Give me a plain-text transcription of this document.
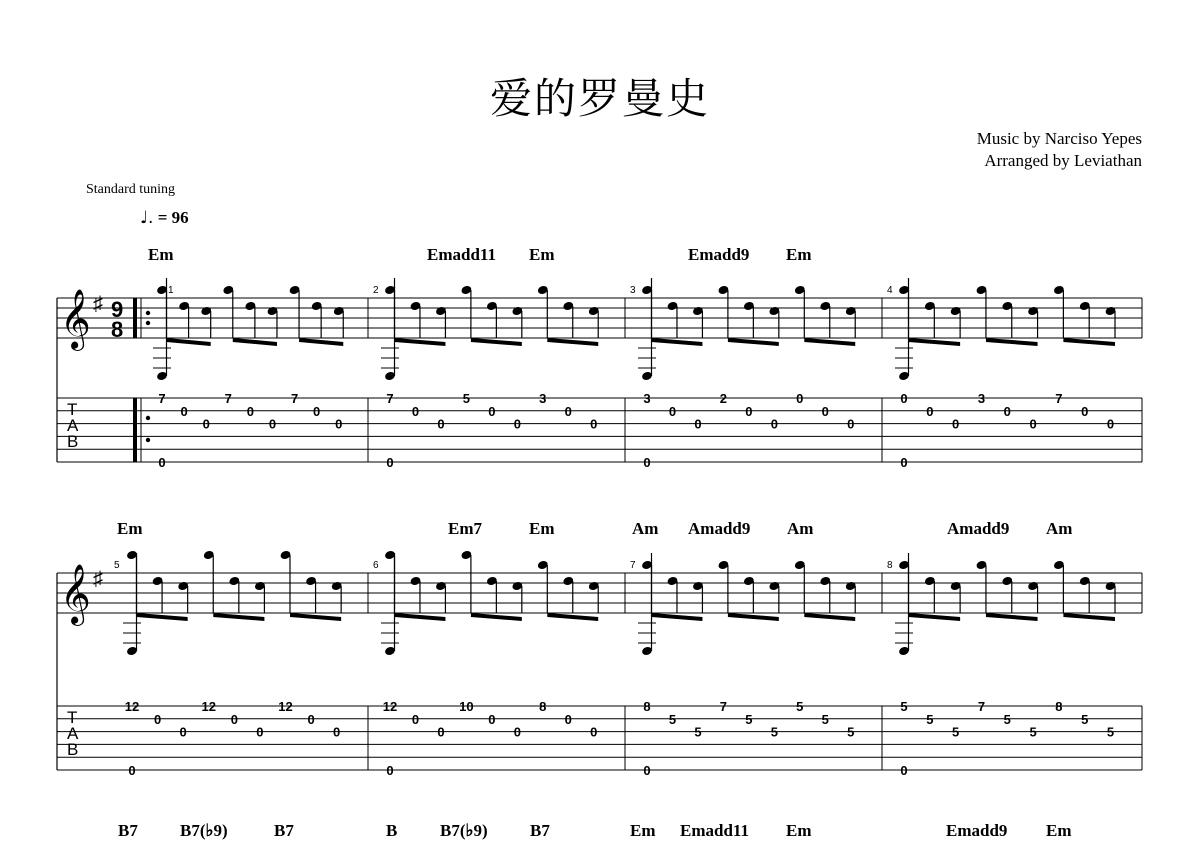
爱的罗曼史
Music by Narciso Yepes
Arranged by Leviathan
Standard tuning
♩. = 96
Em	Emadd11 Em	Emadd9 Em
Em	Em7	Em	Am Amadd9 Am	Amadd9 Am
B7 B7(♭9)	B7	B	B7(♭9) B7	Em Emadd11 Em	Emadd9 Em
𝄞 ♯
T
A
B
9
8
1
7
0
0
7
0
0
7
0
0
0
2
7
0
0
5
0
0
3
0
0
0
3
3
0
0
2
0
0
0
0
0
0
4
0
0
0
3
0
0
7
0
0
0
𝄞 ♯
T
A
B
5
12
0
0
12
0
0
12
0
0
0
6
12
0
0
10
0
0
8
0
0
0
7
8
5
5
7
5
5
5
5
5
0
8
5
5
5
7
5
5
8
5
5
0
